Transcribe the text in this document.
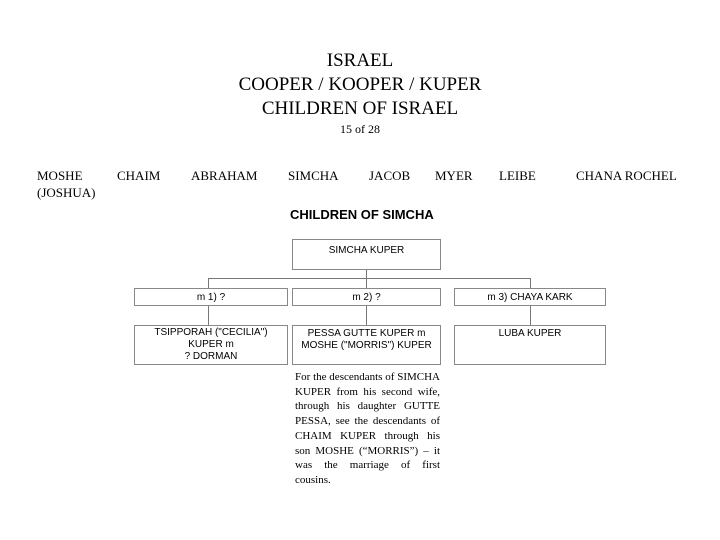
ISRAEL
COOPER / KOOPER / KUPER
CHILDREN OF ISRAEL
15 of 28
MOSHE
(JOSHUA)
CHAIM ABRAHAM SIMCHA JACOB MYER LEIBE	CHANA ROCHEL
CHILDREN OF SIMCHA
SIMCHA KUPER
m 1) ?	m 2) ?	m 3) CHAYA KARK
TSIPPORAH ("CECILIA")
KUPER m
? DORMAN
PESSA GUTTE KUPER m
MOSHE ("MORRIS") KUPER
LUBA KUPER
For the descendants of SIMCHA KUPER from his second wife, through his daughter GUTTE PESSA, see the descendants of CHAIM KUPER through his son MOSHE (“MORRIS”) – it was the marriage of first cousins.
